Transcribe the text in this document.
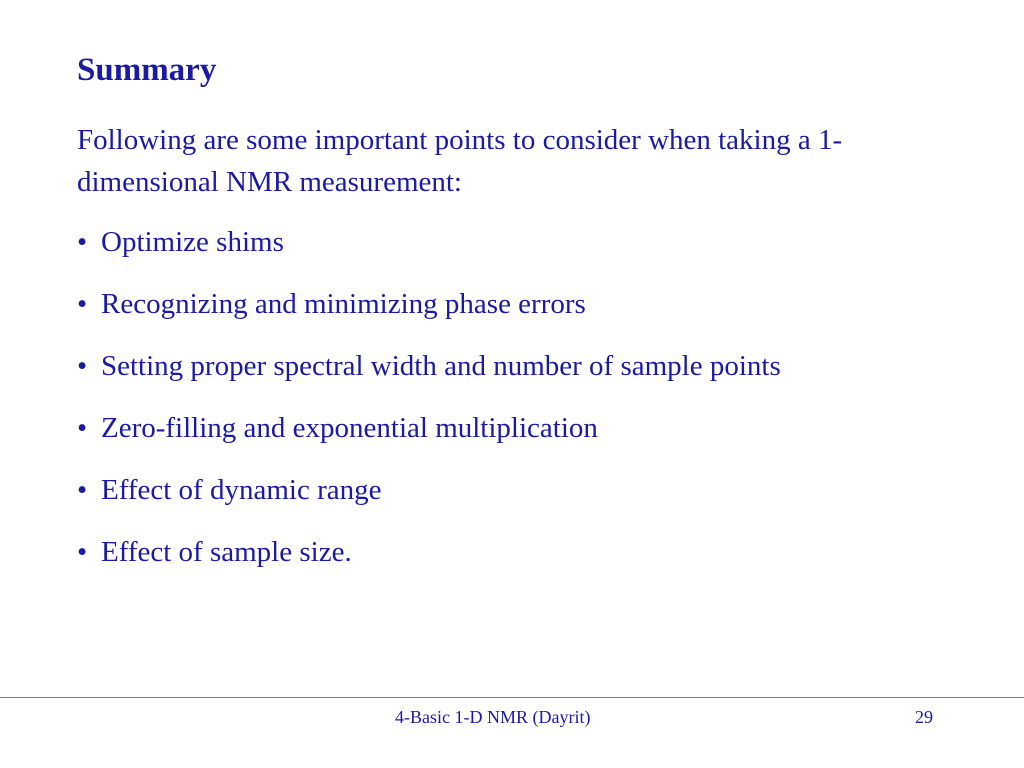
Summary

Following are some important points to consider when taking a 1-dimensional NMR measurement:

• Optimize shims
• Recognizing and minimizing phase errors
• Setting proper spectral width and number of sample points
• Zero-filling and exponential multiplication
• Effect of dynamic range
• Effect of sample size.
4-Basic 1-D NMR (Dayrit)	29
